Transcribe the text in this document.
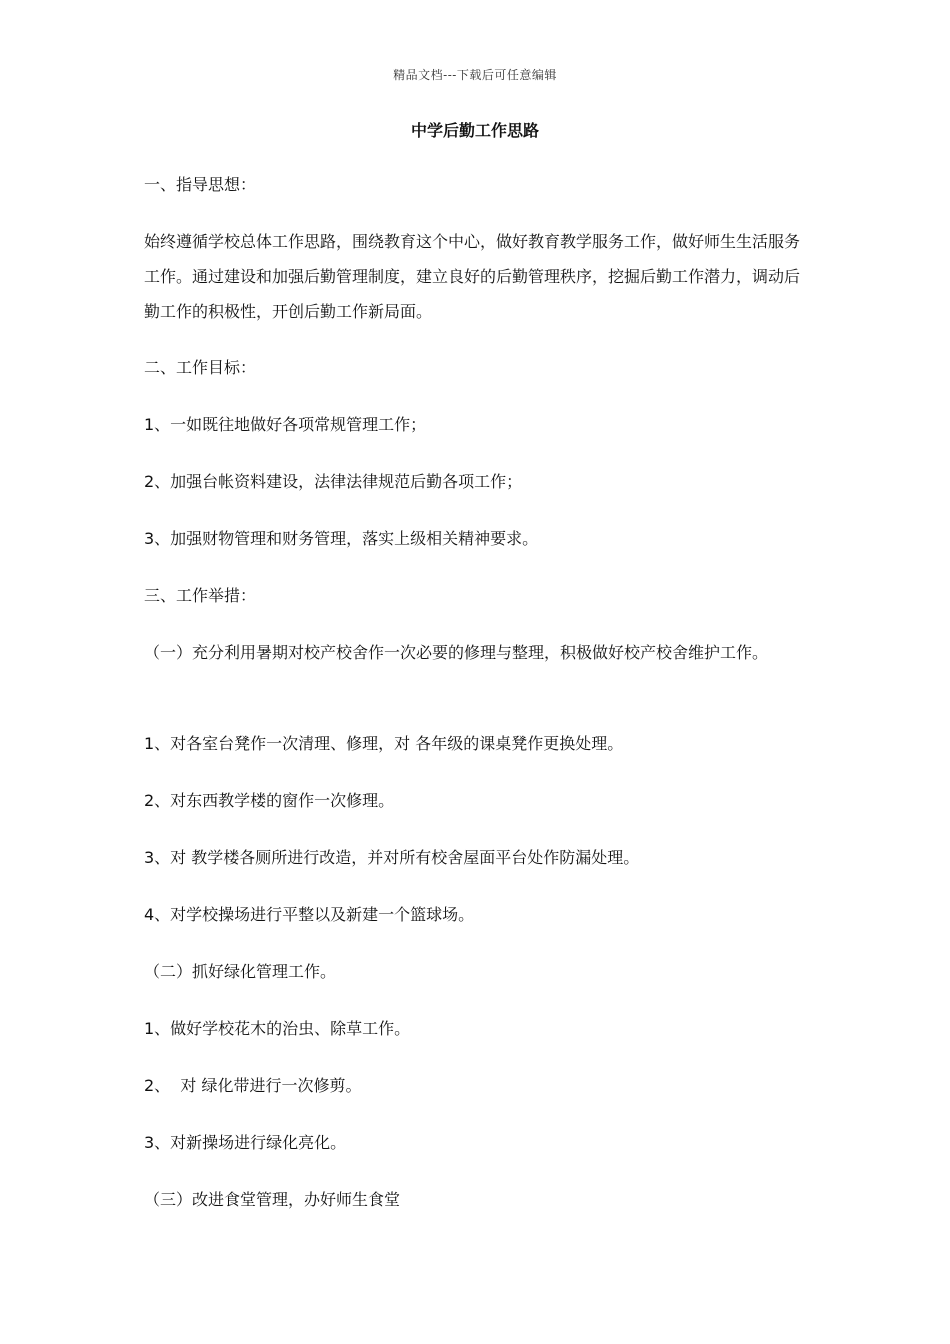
精品文档---下载后可任意编辑
中学后勤工作思路
一、指导思想：
始终遵循学校总体工作思路，围绕教育这个中心，做好教育教学服务工作，做好师生生活服务工作。通过建设和加强后勤管理制度，建立良好的后勤管理秩序，挖掘后勤工作潜力，调动后勤工作的积极性，开创后勤工作新局面。
二、工作目标：
1、一如既往地做好各项常规管理工作；
2、加强台帐资料建设，法律法律规范后勤各项工作；
3、加强财物管理和财务管理，落实上级相关精神要求。
三、工作举措：
（一）充分利用暑期对校产校舍作一次必要的修理与整理，积极做好校产校舍维护工作。
1、对各室台凳作一次清理、修理，对 各年级的课桌凳作更换处理。
2、对东西教学楼的窗作一次修理。
3、对 教学楼各厕所进行改造，并对所有校舍屋面平台处作防漏处理。
4、对学校操场进行平整以及新建一个篮球场。
（二）抓好绿化管理工作。
1、做好学校花木的治虫、除草工作。
2、  对 绿化带进行一次修剪。
3、对新操场进行绿化亮化。
（三）改进食堂管理，办好师生食堂
